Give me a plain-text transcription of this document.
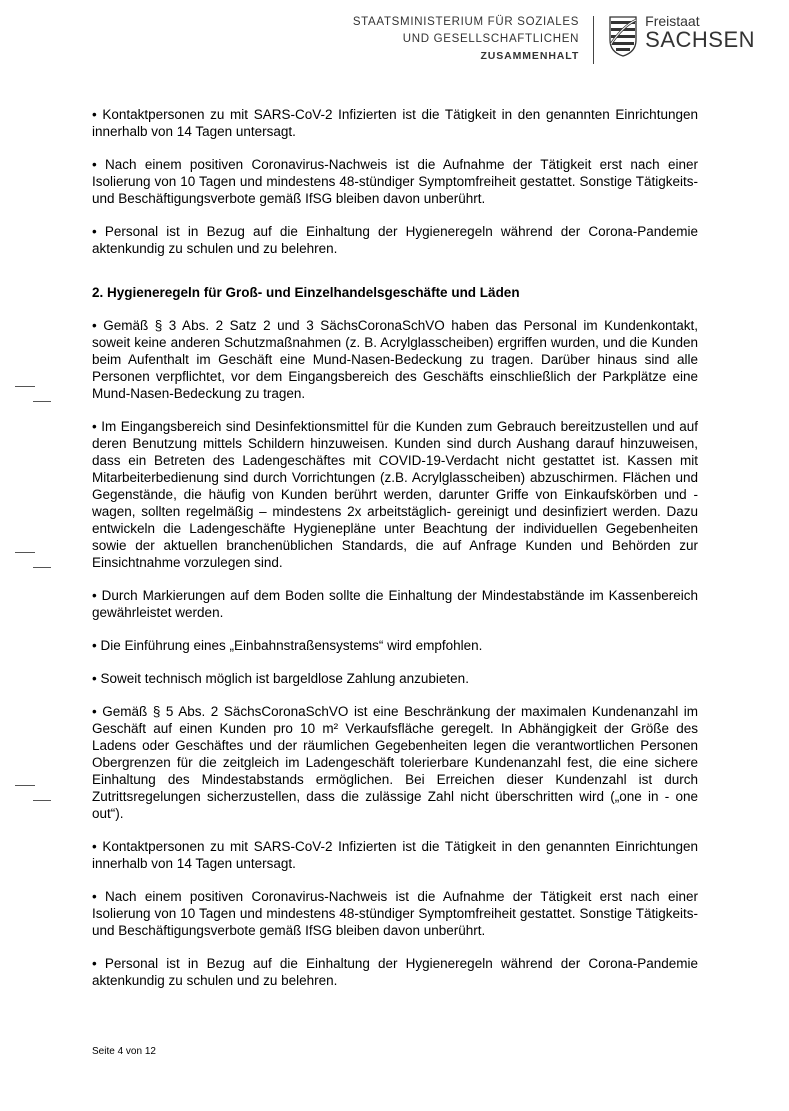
STAATSMINISTERIUM FÜR SOZIALES
UND GESELLSCHAFTLICHEN
ZUSAMMENHALT
Freistaat
SACHSEN

• Kontaktpersonen zu mit SARS-CoV-2 Infizierten ist die Tätigkeit in den genannten Einrichtungen innerhalb von 14 Tagen untersagt.

• Nach einem positiven Coronavirus-Nachweis ist die Aufnahme der Tätigkeit erst nach einer Isolierung von 10 Tagen und mindestens 48-stündiger Symptomfreiheit gestattet. Sonstige Tätigkeits- und Beschäftigungsverbote gemäß IfSG bleiben davon unberührt.

• Personal ist in Bezug auf die Einhaltung der Hygieneregeln während der Corona-Pandemie aktenkundig zu schulen und zu belehren.

2. Hygieneregeln für Groß- und Einzelhandelsgeschäfte und Läden

• Gemäß § 3 Abs. 2 Satz 2 und 3 SächsCoronaSchVO haben das Personal im Kundenkontakt, soweit keine anderen Schutzmaßnahmen (z. B. Acrylglasscheiben) ergriffen wurden, und die Kunden beim Aufenthalt im Geschäft eine Mund-Nasen-Bedeckung zu tragen. Darüber hinaus sind alle Personen verpflichtet, vor dem Eingangsbereich des Geschäfts einschließlich der Parkplätze eine Mund-Nasen-Bedeckung zu tragen.

• Im Eingangsbereich sind Desinfektionsmittel für die Kunden zum Gebrauch bereitzustellen und auf deren Benutzung mittels Schildern hinzuweisen. Kunden sind durch Aushang darauf hinzuweisen, dass ein Betreten des Ladengeschäftes mit COVID-19-Verdacht nicht gestattet ist. Kassen mit Mitarbeiterbedienung sind durch Vorrichtungen (z.B. Acrylglasscheiben) abzuschirmen. Flächen und Gegenstände, die häufig von Kunden berührt werden, darunter Griffe von Einkaufskörben und -wagen, sollten regelmäßig – mindestens 2x arbeitstäglich- gereinigt und desinfiziert werden. Dazu entwickeln die Ladengeschäfte Hygienepläne unter Beachtung der individuellen Gegebenheiten sowie der aktuellen branchenüblichen Standards, die auf Anfrage Kunden und Behörden zur Einsichtnahme vorzulegen sind.

• Durch Markierungen auf dem Boden sollte die Einhaltung der Mindestabstände im Kassenbereich gewährleistet werden.

• Die Einführung eines „Einbahnstraßensystems“ wird empfohlen.

• Soweit technisch möglich ist bargeldlose Zahlung anzubieten.

• Gemäß § 5 Abs. 2 SächsCoronaSchVO ist eine Beschränkung der maximalen Kundenanzahl im Geschäft auf einen Kunden pro 10 m² Verkaufsfläche geregelt. In Abhängigkeit der Größe des Ladens oder Geschäftes und der räumlichen Gegebenheiten legen die verantwortlichen Personen Obergrenzen für die zeitgleich im Ladengeschäft tolerierbare Kundenanzahl fest, die eine sichere Einhaltung des Mindestabstands ermöglichen. Bei Erreichen dieser Kundenzahl ist durch Zutrittsregelungen sicherzustellen, dass die zulässige Zahl nicht überschritten wird („one in - one out“).

• Kontaktpersonen zu mit SARS-CoV-2 Infizierten ist die Tätigkeit in den genannten Einrichtungen innerhalb von 14 Tagen untersagt.

• Nach einem positiven Coronavirus-Nachweis ist die Aufnahme der Tätigkeit erst nach einer Isolierung von 10 Tagen und mindestens 48-stündiger Symptomfreiheit gestattet. Sonstige Tätigkeits- und Beschäftigungsverbote gemäß IfSG bleiben davon unberührt.

• Personal ist in Bezug auf die Einhaltung der Hygieneregeln während der Corona-Pandemie aktenkundig zu schulen und zu belehren.

Seite 4 von 12
